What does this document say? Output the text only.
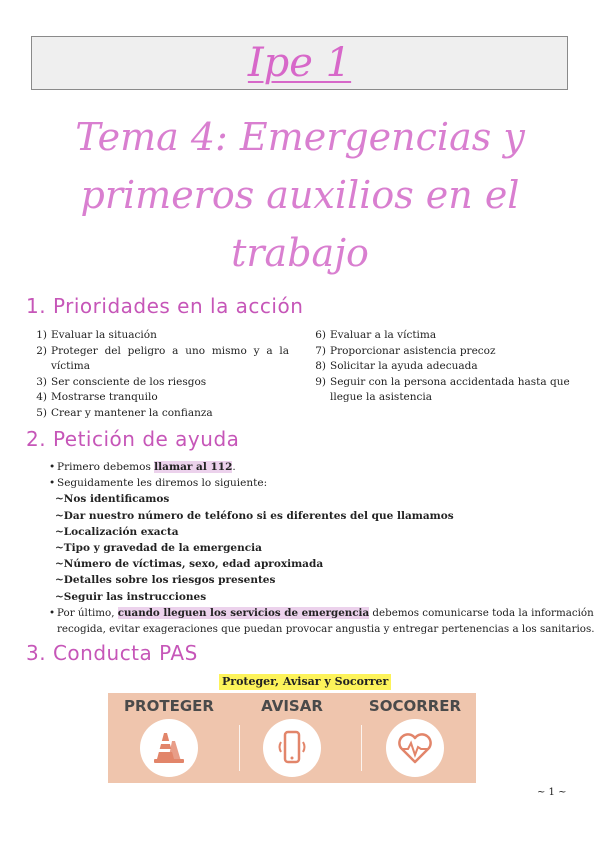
Ipe 1
Tema 4: Emergencias y
primeros auxilios en el
trabajo
1. Prioridades en la acción
1) Evaluar la situación
2) Proteger del peligro a uno mismo y a la
víctima
3) Ser consciente de los riesgos
4) Mostrarse tranquilo
5) Crear y mantener la confianza
6) Evaluar a la víctima
7) Proporcionar asistencia precoz
8) Solicitar la ayuda adecuada
9) Seguir con la persona accidentada hasta que
llegue la asistencia
2. Petición de ayuda
• Primero debemos llamar al 112.
• Seguidamente les diremos lo siguiente:
~Nos identificamos
~Dar nuestro número de teléfono si es diferentes del que llamamos
~Localización exacta
~Tipo y gravedad de la emergencia
~Número de víctimas, sexo, edad aproximada
~Detalles sobre los riesgos presentes
~Seguir las instrucciones
• Por último, cuando lleguen los servicios de emergencia debemos comunicarse toda la información
recogida, evitar exageraciones que puedan provocar angustia y entregar pertenencias a los sanitarios.
3. Conducta PAS
Proteger, Avisar y Socorrer
PROTEGER	AVISAR	SOCORRER
~ 1 ~
